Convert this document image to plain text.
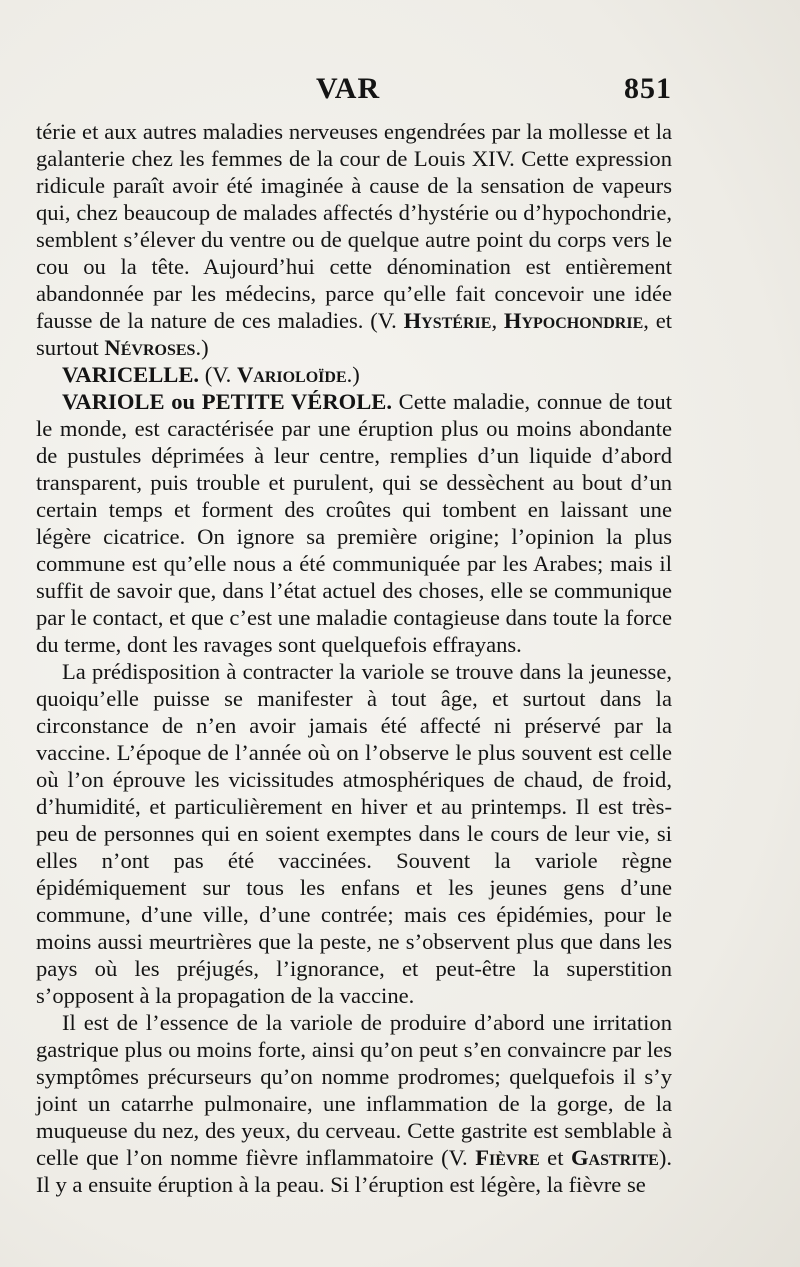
VAR	851

térie et aux autres maladies nerveuses engendrées par la mollesse et la galanterie chez les femmes de la cour de Louis XIV. Cette expression ridicule paraît avoir été imaginée à cause de la sensation de vapeurs qui, chez beaucoup de malades affectés d’hystérie ou d’hypochondrie, semblent s’élever du ventre ou de quelque autre point du corps vers le cou ou la tête. Aujourd’hui cette dénomination est entièrement abandonnée par les médecins, parce qu’elle fait concevoir une idée fausse de la nature de ces maladies. (V. Hystérie, Hypochondrie, et surtout Névroses.)

VARICELLE. (V. Varioloïde.)

VARIOLE ou PETITE VÉROLE. Cette maladie, connue de tout le monde, est caractérisée par une éruption plus ou moins abondante de pustules déprimées à leur centre, remplies d’un liquide d’abord transparent, puis trouble et purulent, qui se dessèchent au bout d’un certain temps et forment des croûtes qui tombent en laissant une légère cicatrice. On ignore sa première origine; l’opinion la plus commune est qu’elle nous a été communiquée par les Arabes; mais il suffit de savoir que, dans l’état actuel des choses, elle se communique par le contact, et que c’est une maladie contagieuse dans toute la force du terme, dont les ravages sont quelquefois effrayans.

La prédisposition à contracter la variole se trouve dans la jeunesse, quoiqu’elle puisse se manifester à tout âge, et surtout dans la circonstance de n’en avoir jamais été affecté ni préservé par la vaccine. L’époque de l’année où on l’observe le plus souvent est celle où l’on éprouve les vicissitudes atmosphériques de chaud, de froid, d’humidité, et particulièrement en hiver et au printemps. Il est très-peu de personnes qui en soient exemptes dans le cours de leur vie, si elles n’ont pas été vaccinées. Souvent la variole règne épidémiquement sur tous les enfans et les jeunes gens d’une commune, d’une ville, d’une contrée; mais ces épidémies, pour le moins aussi meurtrières que la peste, ne s’observent plus que dans les pays où les préjugés, l’ignorance, et peut-être la superstition s’opposent à la propagation de la vaccine.

Il est de l’essence de la variole de produire d’abord une irritation gastrique plus ou moins forte, ainsi qu’on peut s’en convaincre par les symptômes précurseurs qu’on nomme prodromes; quelquefois il s’y joint un catarrhe pulmonaire, une inflammation de la gorge, de la muqueuse du nez, des yeux, du cerveau. Cette gastrite est semblable à celle que l’on nomme fièvre inflammatoire (V. Fièvre et Gastrite). Il y a ensuite éruption à la peau. Si l’éruption est légère, la fièvre se
